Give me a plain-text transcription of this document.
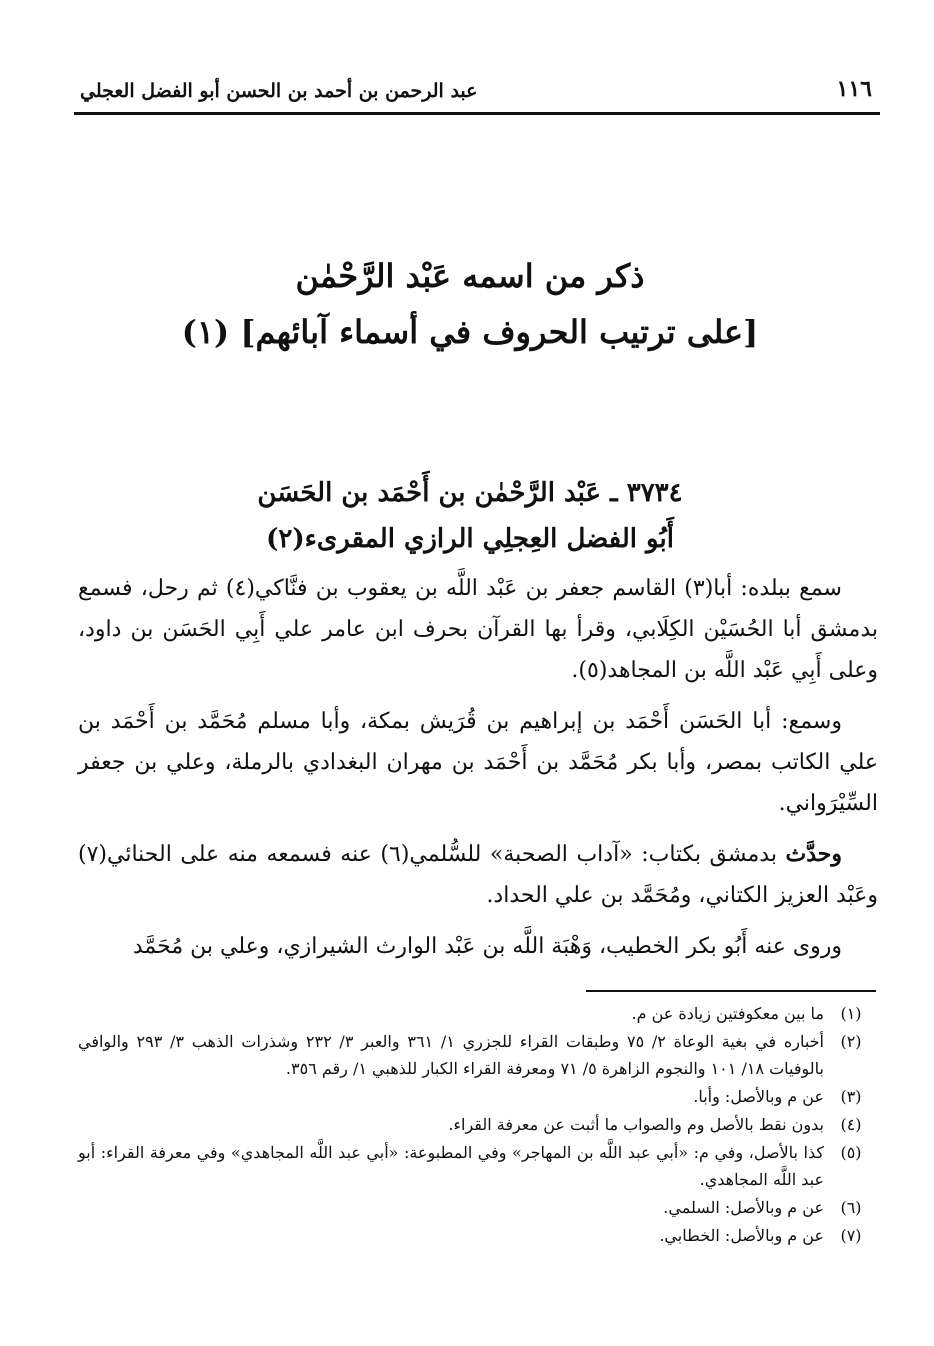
١١٦
عبد الرحمن بن أحمد بن الحسن أبو الفضل العجلي
ذكر من اسمه عَبْد الرَّحْمٰن
[على ترتيب الحروف في أسماء آبائهم] (١)
٣٧٣٤ ـ عَبْد الرَّحْمٰن بن أَحْمَد بن الحَسَن
أَبُو الفضل العِجلِي الرازي المقرىء(٢)

سمع ببلده: أبا(٣) القاسم جعفر بن عَبْد اللَّه بن يعقوب بن فنَّاكي(٤) ثم رحل، فسمع بدمشق أبا الحُسَيْن الكِلَابي، وقرأ بها القرآن بحرف ابن عامر علي أَبِي الحَسَن بن داود، وعلى أَبِي عَبْد اللَّه بن المجاهد(٥).

وسمع: أبا الحَسَن أَحْمَد بن إبراهيم بن قُرَيش بمكة، وأبا مسلم مُحَمَّد بن أَحْمَد بن علي الكاتب بمصر، وأبا بكر مُحَمَّد بن أَحْمَد بن مهران البغدادي بالرملة، وعلي بن جعفر السِّيْرَواني.

وحدَّث بدمشق بكتاب: «آداب الصحبة» للسُّلمي(٦) عنه فسمعه منه على الحنائي(٧) وعَبْد العزيز الكتاني، ومُحَمَّد بن علي الحداد.

وروى عنه أَبُو بكر الخطيب، وَهْبَة اللَّه بن عَبْد الوارث الشيرازي، وعلي بن مُحَمَّد

(١)
ما بين معكوفتين زيادة عن م.
(٢)
أخباره في بغية الوعاة ٢/ ٧٥ وطبقات القراء للجزري ١/ ٣٦١ والعبر ٣/ ٢٣٢ وشذرات الذهب ٣/ ٢٩٣ والوافي بالوفيات ١٨/ ١٠١ والنجوم الزاهرة ٥/ ٧١ ومعرفة القراء الكبار للذهبي ١/ رقم ٣٥٦.
(٣)
عن م وبالأصل: وأبا.
(٤)
بدون نقط بالأصل وم والصواب ما أثبت عن معرفة القراء.
(٥)
كذا بالأصل، وفي م: «أبي عبد اللَّه بن المهاجر» وفي المطبوعة: «أبي عبد اللَّه المجاهدي» وفي معرفة القراء: أبو عبد اللَّه المجاهدي.
(٦)
عن م وبالأصل: السلمي.
(٧)
عن م وبالأصل: الخطابي.
